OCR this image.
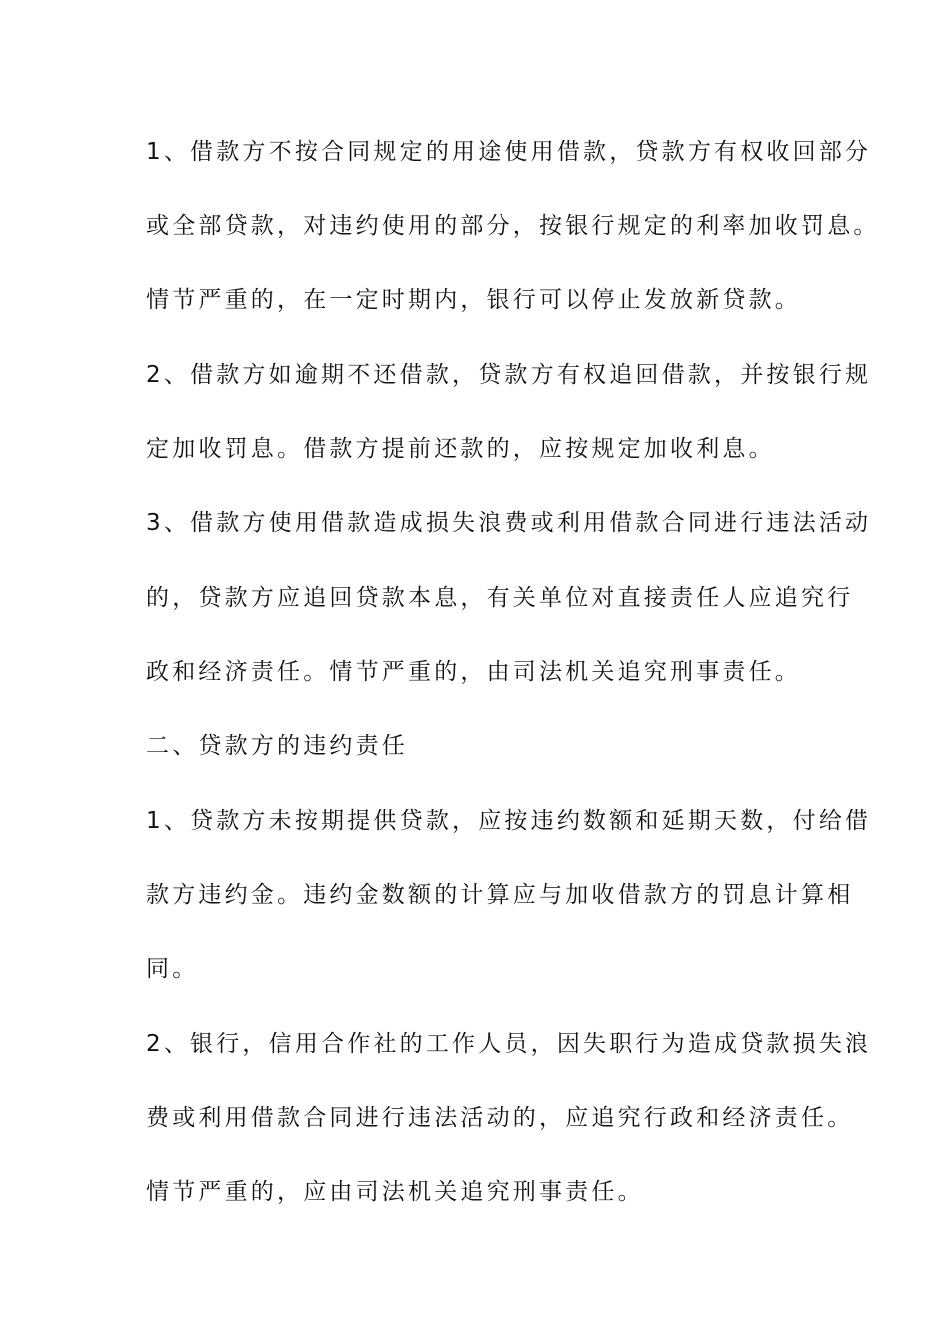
1、借款方不按合同规定的用途使用借款，贷款方有权收回部分
或全部贷款，对违约使用的部分，按银行规定的利率加收罚息。
情节严重的，在一定时期内，银行可以停止发放新贷款。
2、借款方如逾期不还借款，贷款方有权追回借款，并按银行规
定加收罚息。借款方提前还款的，应按规定加收利息。
3、借款方使用借款造成损失浪费或利用借款合同进行违法活动
的，贷款方应追回贷款本息，有关单位对直接责任人应追究行
政和经济责任。情节严重的，由司法机关追究刑事责任。
二、贷款方的违约责任
1、贷款方未按期提供贷款，应按违约数额和延期天数，付给借
款方违约金。违约金数额的计算应与加收借款方的罚息计算相
同。
2、银行，信用合作社的工作人员，因失职行为造成贷款损失浪
费或利用借款合同进行违法活动的，应追究行政和经济责任。
情节严重的，应由司法机关追究刑事责任。
